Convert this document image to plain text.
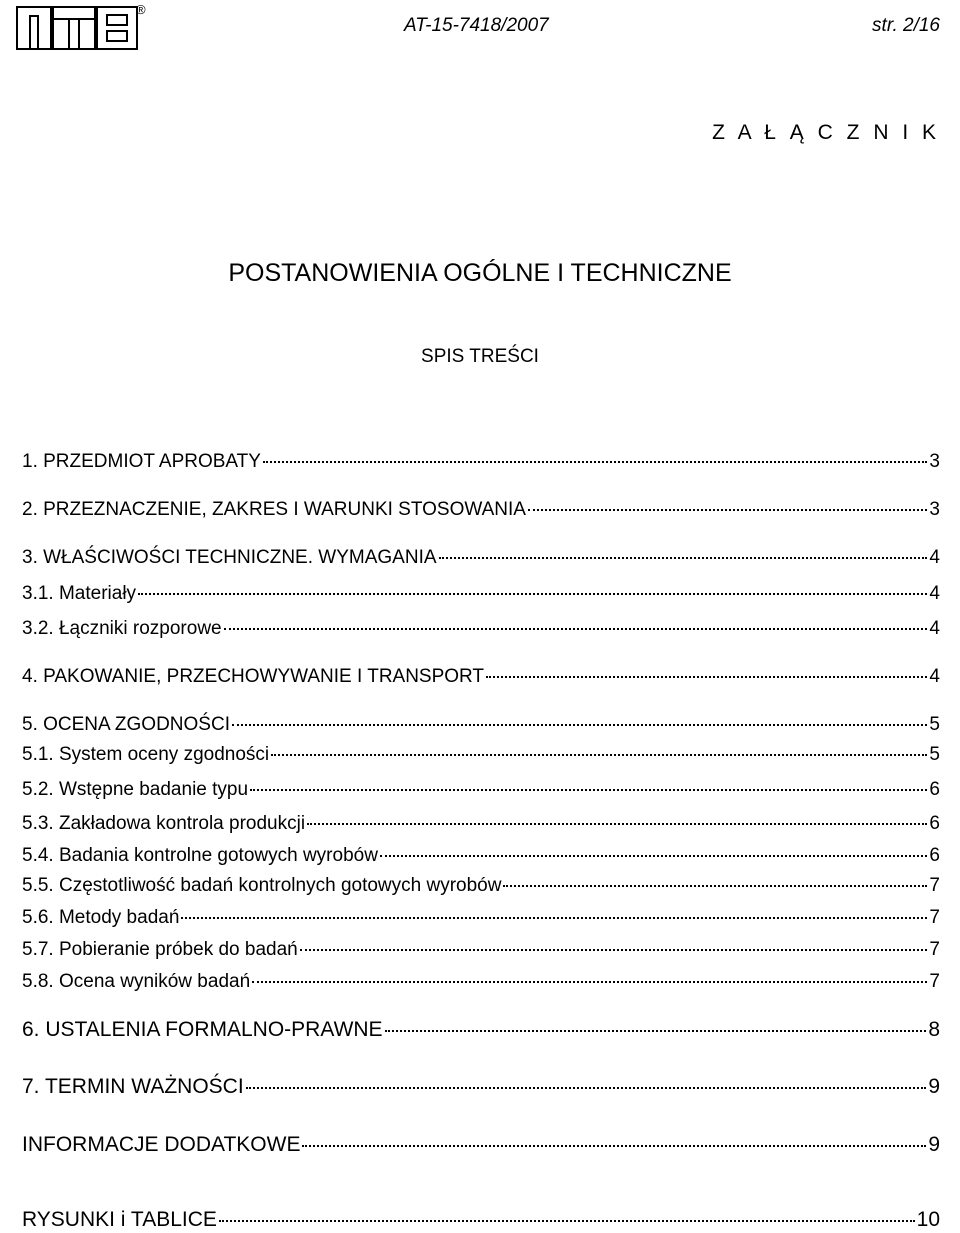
®
AT-15-7418/2007	str. 2/16
Z A Ł Ą C Z N I K
POSTANOWIENIA OGÓLNE I TECHNICZNE
SPIS TREŚCI
1. PRZEDMIOT APROBATY	3
2. PRZEZNACZENIE, ZAKRES I WARUNKI STOSOWANIA	3
3. WŁAŚCIWOŚCI TECHNICZNE. WYMAGANIA	4
3.1. Materiały	4
3.2. Łączniki rozporowe	4
4. PAKOWANIE, PRZECHOWYWANIE I TRANSPORT	4
5. OCENA ZGODNOŚCI	5
5.1. System oceny zgodności	5
5.2. Wstępne badanie typu	6
5.3. Zakładowa kontrola produkcji	6
5.4. Badania kontrolne gotowych wyrobów	6
5.5. Częstotliwość badań kontrolnych gotowych wyrobów	7
5.6. Metody badań	7
5.7. Pobieranie próbek do badań	7
5.8. Ocena wyników badań	7
6. USTALENIA FORMALNO-PRAWNE	8
7. TERMIN WAŻNOŚCI	9
INFORMACJE DODATKOWE	9
RYSUNKI i TABLICE	10
